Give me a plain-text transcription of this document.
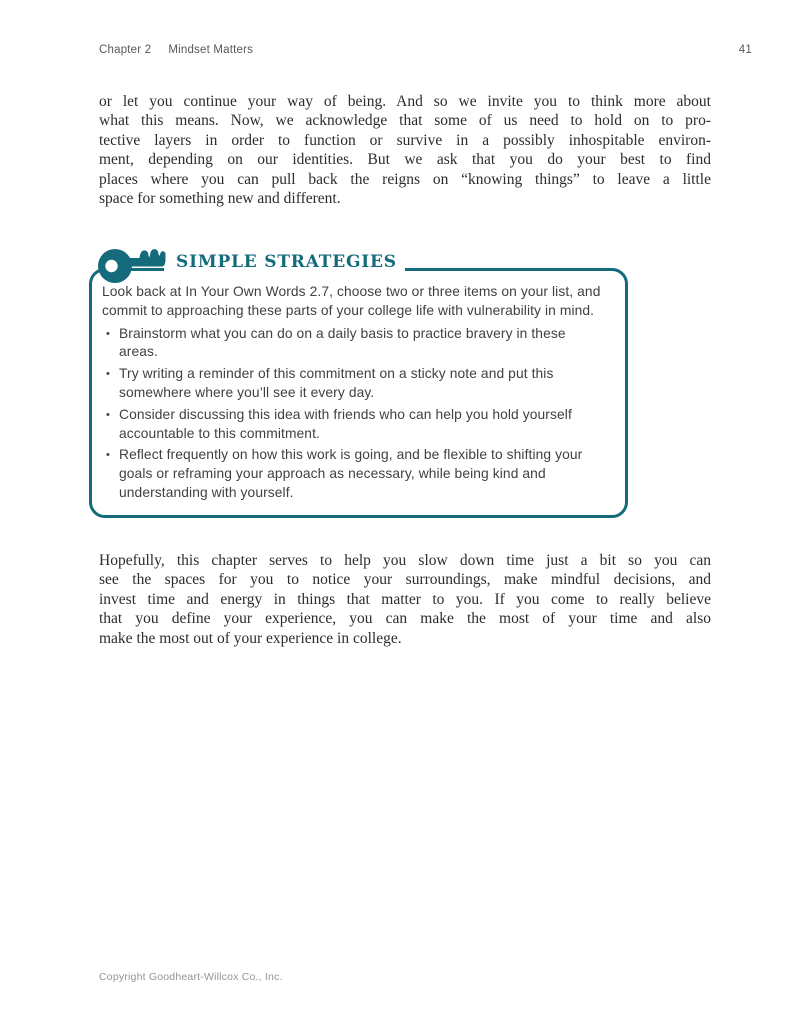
Chapter 2 Mindset Matters	41
or let you continue your way of being. And so we invite you to think more about
what this means. Now, we acknowledge that some of us need to hold on to pro-
tective layers in order to function or survive in a possibly inhospitable environ-
ment, depending on our identities. But we ask that you do your best to find
places where you can pull back the reigns on “knowing things” to leave a little
space for something new and different.
SIMPLE STRATEGIES

Look back at In Your Own Words 2.7, choose two or three items on your list, and commit to approaching these parts of your college life with vulnerability in mind.

• Brainstorm what you can do on a daily basis to practice bravery in these areas.
• Try writing a reminder of this commitment on a sticky note and put this somewhere where you’ll see it every day.
• Consider discussing this idea with friends who can help you hold yourself accountable to this commitment.
• Reflect frequently on how this work is going, and be flexible to shifting your goals or reframing your approach as necessary, while being kind and understanding with yourself.
Hopefully, this chapter serves to help you slow down time just a bit so you can
see the spaces for you to notice your surroundings, make mindful decisions, and
invest time and energy in things that matter to you. If you come to really believe
that you define your experience, you can make the most of your time and also
make the most out of your experience in college.
Copyright Goodheart-Willcox Co., Inc.
